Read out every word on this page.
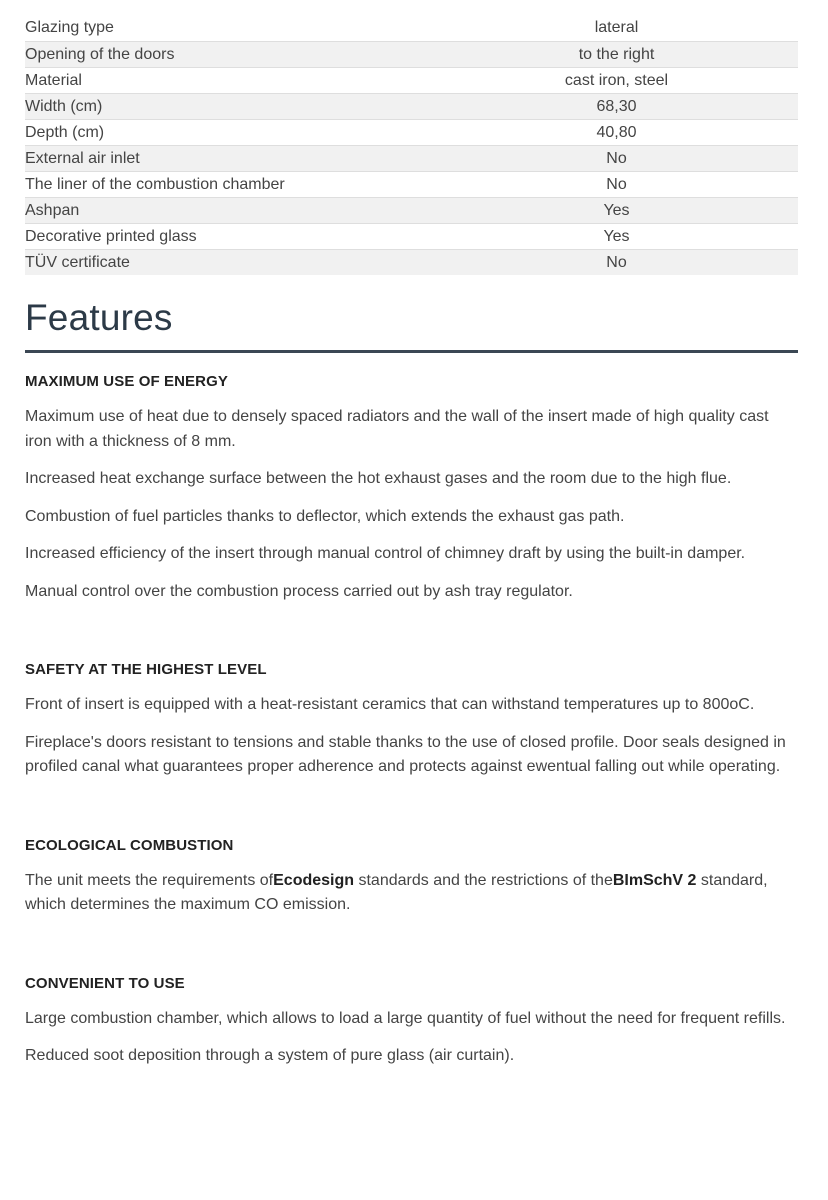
Glazing type	lateral
Opening of the doors	to the right
Material	cast iron, steel
Width (cm)	68,30
Depth (cm)	40,80
External air inlet	No
The liner of the combustion chamber	No
Ashpan	Yes
Decorative printed glass	Yes
TÜV certificate	No
Features
MAXIMUM USE OF ENERGY

Maximum use of heat due to densely spaced radiators and the wall of the insert made of high quality cast iron with a thickness of 8 mm.

Increased heat exchange surface between the hot exhaust gases and the room due to the high flue.

Combustion of fuel particles thanks to deflector, which extends the exhaust gas path.

Increased efficiency of the insert through manual control of chimney draft by using the built-in damper.

Manual control over the combustion process carried out by ash tray regulator.

SAFETY AT THE HIGHEST LEVEL

Front of insert is equipped with a heat-resistant ceramics that can withstand temperatures up to 800oC.

Fireplace's doors resistant to tensions and stable thanks to the use of closed profile. Door seals designed in profiled canal what guarantees proper adherence and protects against ewentual falling out while operating.

ECOLOGICAL COMBUSTION

The unit meets the requirements ofEcodesign standards and the restrictions of theBImSchV 2 standard, which determines the maximum CO emission.

CONVENIENT TO USE

Large combustion chamber, which allows to load a large quantity of fuel without the need for frequent refills.

Reduced soot deposition through a system of pure glass (air curtain).
